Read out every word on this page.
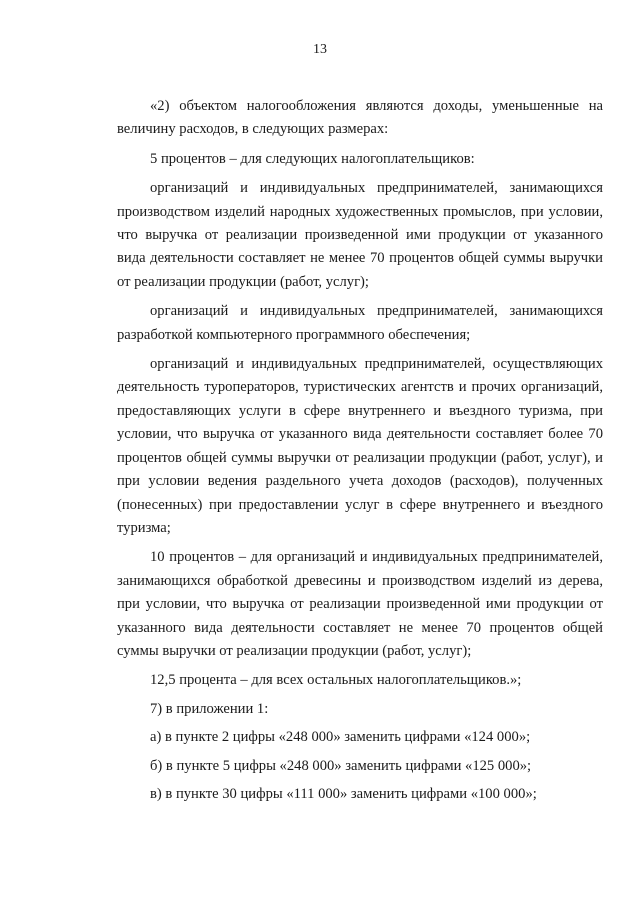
13

«2) объектом налогообложения являются доходы, уменьшенные на величину расходов, в следующих размерах:

5 процентов – для следующих налогоплательщиков:

организаций и индивидуальных предпринимателей, занимающихся производством изделий народных художественных промыслов, при условии, что выручка от реализации произведенной ими продукции от указанного вида деятельности составляет не менее 70 процентов общей суммы выручки от реализации продукции (работ, услуг);

организаций и индивидуальных предпринимателей, занимающихся разработкой компьютерного программного обеспечения;

организаций и индивидуальных предпринимателей, осуществляющих деятельность туроператоров, туристических агентств и прочих организаций, предоставляющих услуги в сфере внутреннего и въездного туризма, при условии, что выручка от указанного вида деятельности составляет более 70 процентов общей суммы выручки от реализации продукции (работ, услуг), и при условии ведения раздельного учета доходов (расходов), полученных (понесенных) при предоставлении услуг в сфере внутреннего и въездного туризма;

10 процентов – для организаций и индивидуальных предпринимателей, занимающихся обработкой древесины и производством изделий из дерева, при условии, что выручка от реализации произведенной ими продукции от указанного вида деятельности составляет не менее 70 процентов общей суммы выручки от реализации продукции (работ, услуг);

12,5 процента – для всех остальных налогоплательщиков.»;

7) в приложении 1:

а) в пункте 2 цифры «248 000» заменить цифрами «124 000»;

б) в пункте 5 цифры «248 000» заменить цифрами «125 000»;

в) в пункте 30 цифры «111 000» заменить цифрами «100 000»;
